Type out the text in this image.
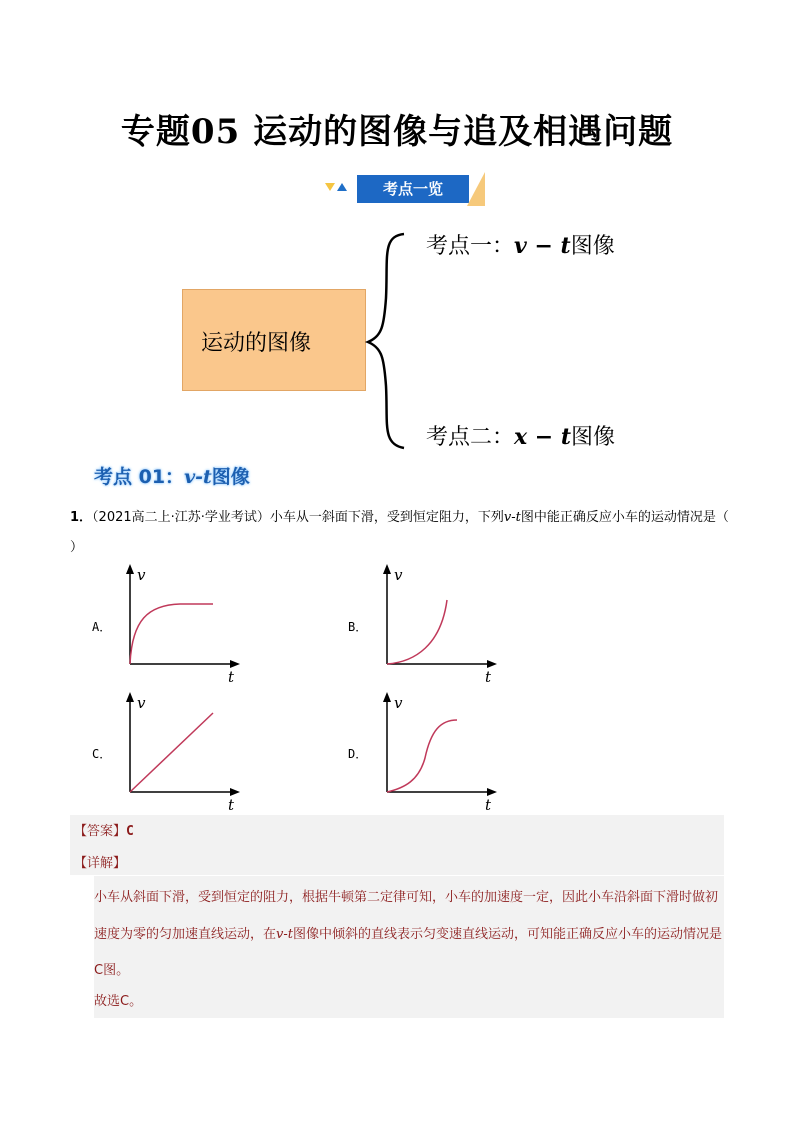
专题05 运动的图像与追及相遇问题
考点一览
运动的图像
考点一：v − t图像
考点二：x − t图像
考点 01：v-t图像
1．（2021高二上·江苏·学业考试）小车从一斜面下滑，受到恒定阻力，下列v-t图中能正确反应小车的运动情况是（ ）
A．	B．
C．	D．
v
t
v
t
v
t
v
t
【答案】C
【详解】
小车从斜面下滑，受到恒定的阻力，根据牛顿第二定律可知，小车的加速度一定，因此小车沿斜面下滑时做初速度为零的匀加速直线运动，在v-t图像中倾斜的直线表示匀变速直线运动，可知能正确反应小车的运动情况是C图。
故选C。
